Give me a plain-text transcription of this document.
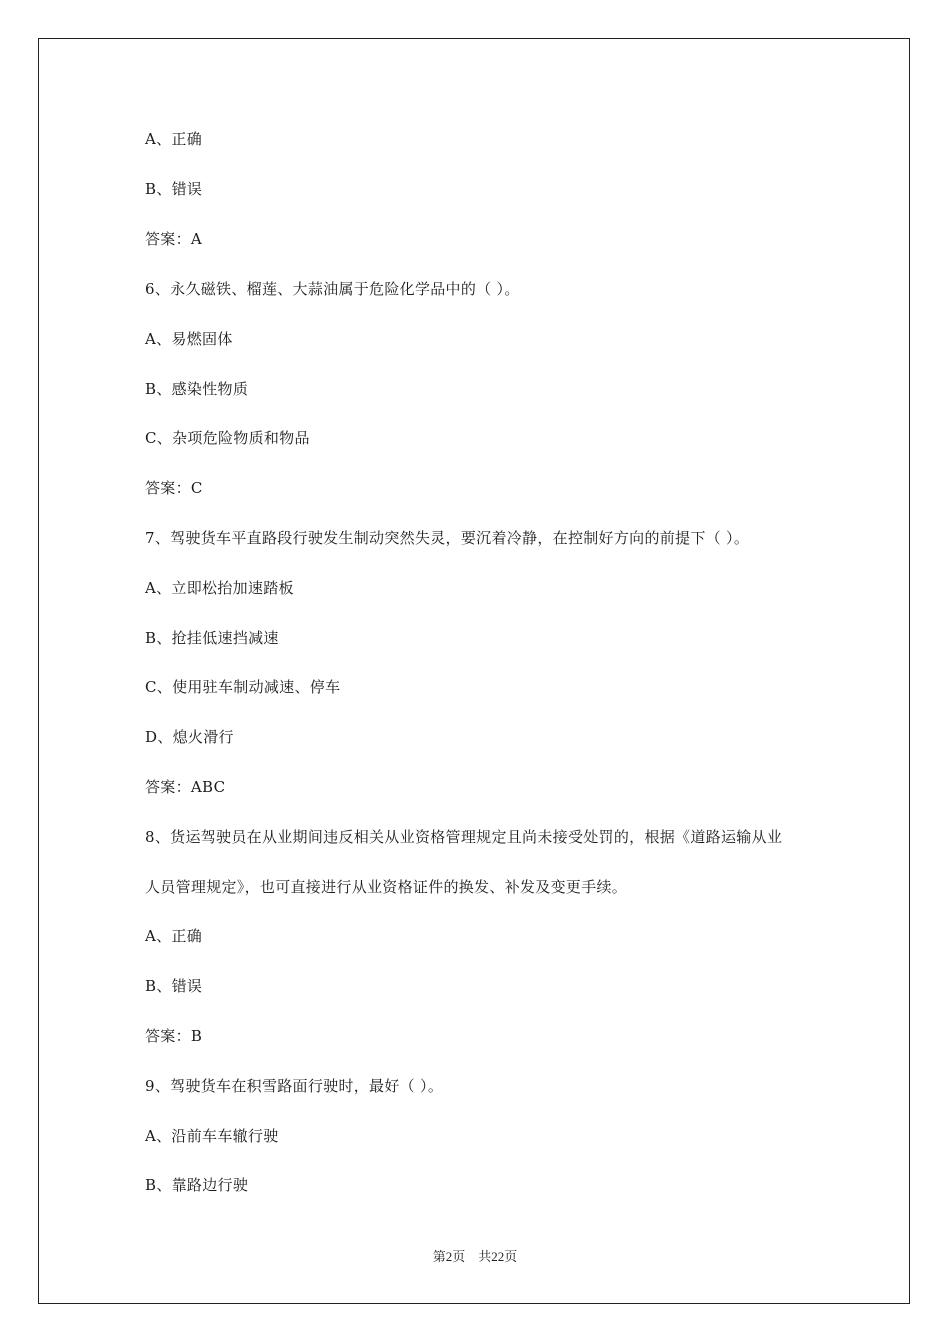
A、正确
B、错误
答案：A
6、永久磁铁、榴莲、大蒜油属于危险化学品中的（ ）。
A、易燃固体
B、感染性物质
C、杂项危险物质和物品
答案：C
7、驾驶货车平直路段行驶发生制动突然失灵，要沉着冷静，在控制好方向的前提下（ ）。
A、立即松抬加速踏板
B、抢挂低速挡减速
C、使用驻车制动减速、停车
D、熄火滑行
答案：ABC
8、货运驾驶员在从业期间违反相关从业资格管理规定且尚未接受处罚的，根据《道路运输从业
人员管理规定》，也可直接进行从业资格证件的换发、补发及变更手续。
A、正确
B、错误
答案：B
9、驾驶货车在积雪路面行驶时，最好（ ）。
A、沿前车车辙行驶
B、靠路边行驶
第2页    共22页
